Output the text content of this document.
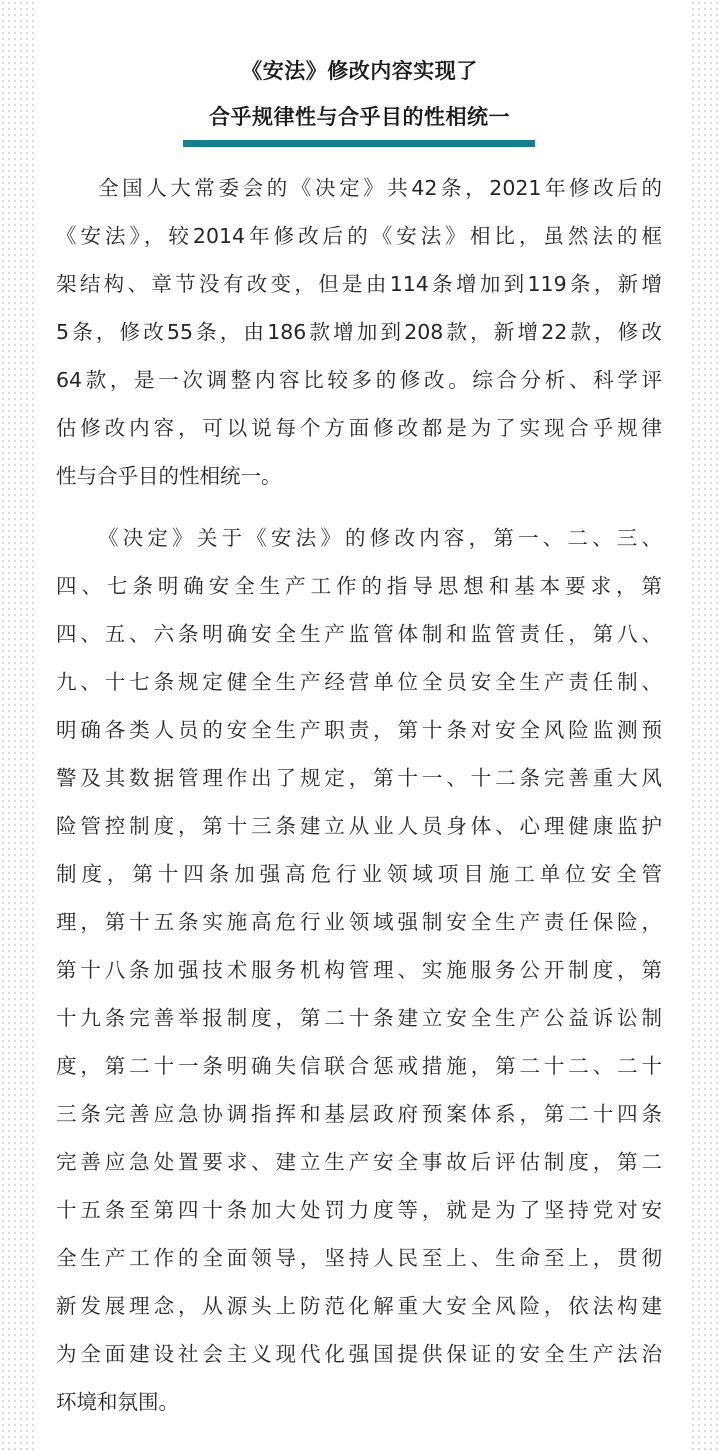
《安法》修改内容实现了
合乎规律性与合乎目的性相统一
全国人大常委会的《决定》共42条，2021年修改后的
《安法》，较2014年修改后的《安法》相比，虽然法的框
架结构、章节没有改变，但是由114条增加到119条，新增
5条，修改55条，由186款增加到208款，新增22款，修改
64款，是一次调整内容比较多的修改。综合分析、科学评
估修改内容，可以说每个方面修改都是为了实现合乎规律
性与合乎目的性相统一。
《决定》关于《安法》的修改内容，第一、二、三、
四、七条明确安全生产工作的指导思想和基本要求，第
四、五、六条明确安全生产监管体制和监管责任，第八、
九、十七条规定健全生产经营单位全员安全生产责任制、
明确各类人员的安全生产职责，第十条对安全风险监测预
警及其数据管理作出了规定，第十一、十二条完善重大风
险管控制度，第十三条建立从业人员身体、心理健康监护
制度，第十四条加强高危行业领域项目施工单位安全管
理，第十五条实施高危行业领域强制安全生产责任保险，
第十八条加强技术服务机构管理、实施服务公开制度，第
十九条完善举报制度，第二十条建立安全生产公益诉讼制
度，第二十一条明确失信联合惩戒措施，第二十二、二十
三条完善应急协调指挥和基层政府预案体系，第二十四条
完善应急处置要求、建立生产安全事故后评估制度，第二
十五条至第四十条加大处罚力度等，就是为了坚持党对安
全生产工作的全面领导，坚持人民至上、生命至上，贯彻
新发展理念，从源头上防范化解重大安全风险，依法构建
为全面建设社会主义现代化强国提供保证的安全生产法治
环境和氛围。
